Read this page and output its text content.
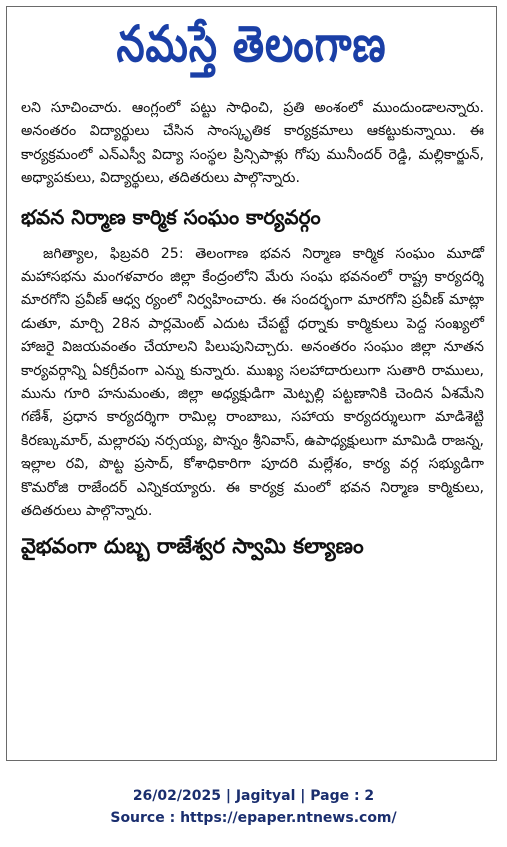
నమస్తే తెలంగాణ

లని సూచించారు. ఆంగ్లంలో పట్టు సాధించి, ప్రతి అంశంలో ముందుండాలన్నారు. అనంతరం విద్యార్థులు చేసిన సాంస్కృతిక కార్యక్రమాలు ఆకట్టుకున్నాయి. ఈ కార్యక్రమంలో ఎన్ఎస్వీ విద్యా సంస్థల ప్రిన్సిపాళ్లు గోపు మునీందర్ రెడ్డి, మల్లికార్జున్, అధ్యాపకులు, విద్యార్థులు, తదితరులు పాల్గొన్నారు.

భవన నిర్మాణ కార్మిక సంఘం కార్యవర్గం

జగిత్యాల, ఫిబ్రవరి 25: తెలంగాణ భవన నిర్మాణ కార్మిక సంఘం మూడో మహాసభను మంగళవారం జిల్లా కేంద్రంలోని మేరు సంఘ భవనంలో రాష్ట్ర కార్యదర్శి మారగోని ప్రవీణ్ ఆధ్వ ర్యంలో నిర్వహించారు. ఈ సందర్భంగా మారగోని ప్రవీణ్ మాట్లా డుతూ, మార్చి 28న పార్లమెంట్ ఎదుట చేపట్టే ధర్నాకు కార్మికులు పెద్ద సంఖ్యలో హాజరై విజయవంతం చేయాలని పిలుపునిచ్చారు. అనంతరం సంఘం జిల్లా నూతన కార్యవర్గాన్ని ఏకగ్రీవంగా ఎన్ను కున్నారు. ముఖ్య సలహాదారులుగా సుతారి రాములు, మును గూరి హనుమంతు, జిల్లా అధ్యక్షుడిగా మెట్పల్లి పట్టణానికి చెందిన ఏశమేని గణేశ్, ప్రధాన కార్యదర్శిగా రామిల్ల రాంబాబు, సహాయ కార్యదర్శులుగా మాడిశెట్టి కిరణ్కుమార్, మల్లారపు నర్సయ్య, పొన్నం శ్రీనివాస్, ఉపాధ్యక్షులుగా మామిడి రాజన్న, ఇల్లాల రవి, పొట్ట ప్రసాద్, కోశాధికారిగా పూదరి మల్లేశం, కార్య వర్గ సభ్యుడిగా కొమరోజి రాజేందర్ ఎన్నికయ్యారు. ఈ కార్యక్ర మంలో భవన నిర్మాణ కార్మికులు, తదితరులు పాల్గొన్నారు.

వైభవంగా దుబ్బ రాజేశ్వర స్వామి కల్యాణం
26/02/2025 | Jagityal | Page : 2
Source : https://epaper.ntnews.com/
